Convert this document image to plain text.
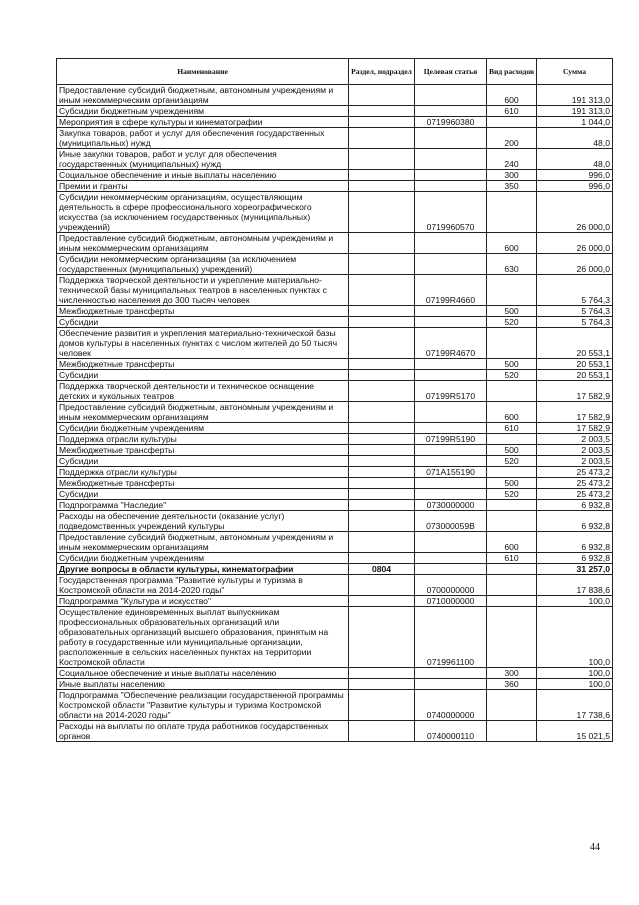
Наименование	Раздел, подраздел	Целевая статья	Вид расходов	Сумма
Предоставление субсидий бюджетным, автономным учреждениям и иным некоммерческим организациям			600	191 313,0
Субсидии бюджетным учреждениям			610	191 313,0
Мероприятия в сфере культуры и кинематографии		0719960380		1 044,0
Закупка товаров, работ и услуг для обеспечения государственных (муниципальных) нужд			200	48,0
Иные закупки товаров, работ и услуг для обеспечения государственных (муниципальных) нужд			240	48,0
Социальное обеспечение и иные выплаты населению			300	996,0
Премии и гранты			350	996,0
Субсидии некоммерческим организациям, осуществляющим деятельность в сфере профессионального хореографического искусства (за исключением государственных (муниципальных) учреждений)		0719960570		26 000,0
Предоставление субсидий бюджетным, автономным учреждениям и иным некоммерческим организациям			600	26 000,0
Субсидии некоммерческим организациям (за исключением государственных (муниципальных) учреждений)			630	26 000,0
Поддержка творческой деятельности и укрепление материально-технической базы муниципальных театров в населенных пунктах с численностью населения до 300 тысяч человек		07199R4660		5 764,3
Межбюджетные трансферты			500	5 764,3
Субсидии			520	5 764,3
Обеспечение развития и укрепления материально-технической базы домов культуры в населенных пунктах с числом жителей до 50 тысяч человек		07199R4670		20 553,1
Межбюджетные трансферты			500	20 553,1
Субсидии			520	20 553,1
Поддержка творческой деятельности и техническое оснащение детских и кукольных театров		07199R5170		17 582,9
Предоставление субсидий бюджетным, автономным учреждениям и иным некоммерческим организациям			600	17 582,9
Субсидии бюджетным учреждениям			610	17 582,9
Поддержка отрасли культуры		07199R5190		2 003,5
Межбюджетные трансферты			500	2 003,5
Субсидии			520	2 003,5
Поддержка отрасли культуры		071A155190		25 473,2
Межбюджетные трансферты			500	25 473,2
Субсидии			520	25 473,2
Подпрограмма "Наследие"		0730000000		6 932,8
Расходы на обеспечение деятельности (оказание услуг) подведомственных учреждений культуры		073000059В		6 932,8
Предоставление субсидий бюджетным, автономным учреждениям и иным некоммерческим организациям			600	6 932,8
Субсидии бюджетным учреждениям			610	6 932,8
Другие вопросы в области культуры, кинематографии	0804			31 257,0
Государственная программа "Развитие культуры и туризма в Костромской области на 2014-2020 годы"		0700000000		17 838,6
Подпрограмма "Культура и искусство"		0710000000		100,0
Осуществление единовременных выплат выпускникам профессиональных образовательных организаций или образовательных организаций высшего образования, принятым на работу в государственные или муниципальные организации, расположенные в сельских населенных пунктах на территории Костромской области		0719961100		100,0
Социальное обеспечение и иные выплаты населению			300	100,0
Иные выплаты населению			360	100,0
Подпрограмма "Обеспечение реализации государственной программы Костромской области "Развитие культуры и туризма Костромской области на 2014-2020 годы"		0740000000		17 738,6
Расходы на выплаты по оплате труда работников государственных органов		0740000110		15 021,5
44
